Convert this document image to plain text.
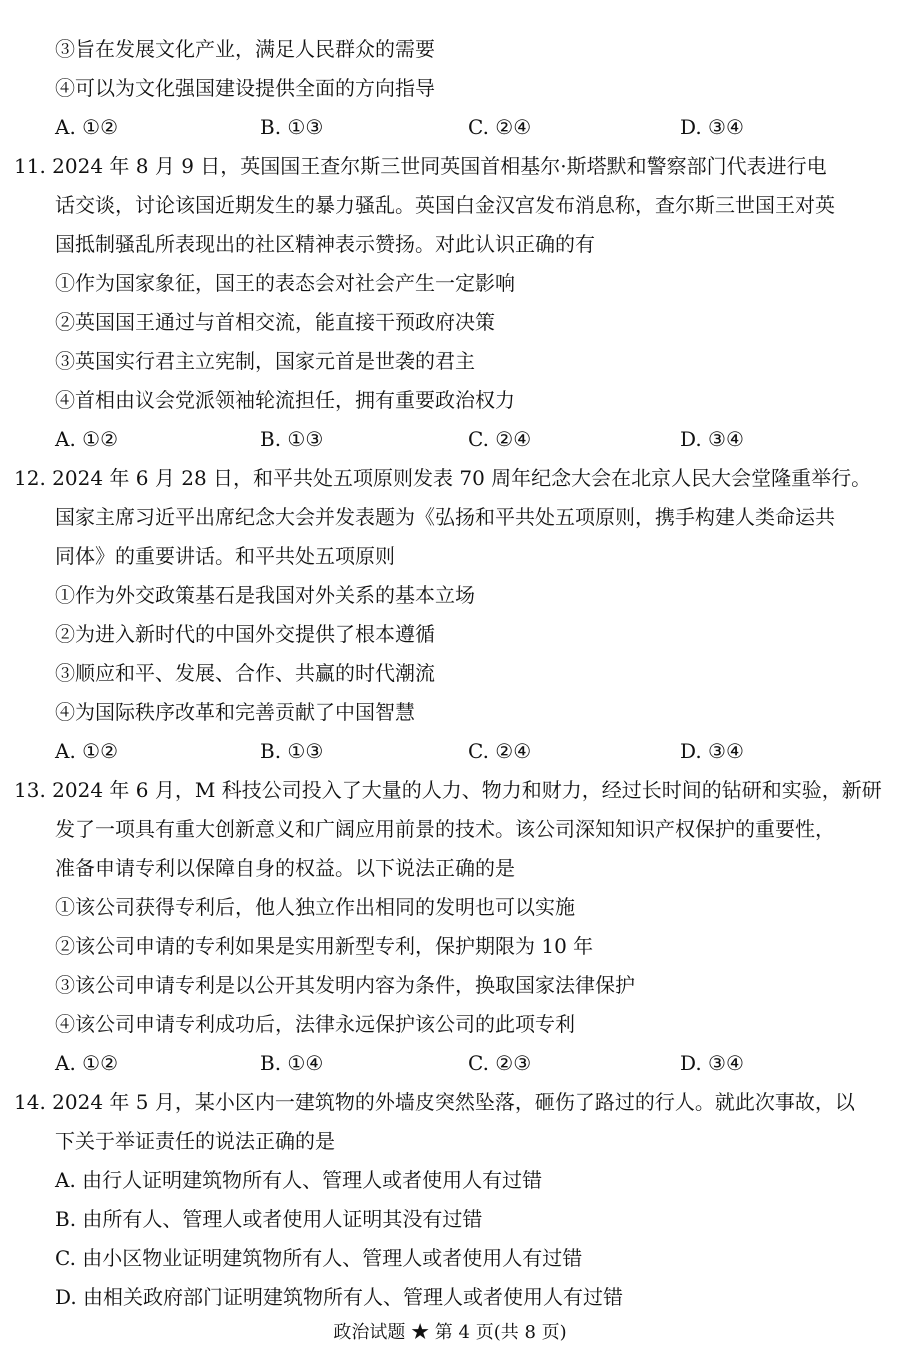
③旨在发展文化产业，满足人民群众的需要
④可以为文化强国建设提供全面的方向指导
A. ①②	B. ①③	C. ②④	D. ③④
11. 2024 年 8 月 9 日，英国国王查尔斯三世同英国首相基尔·斯塔默和警察部门代表进行电
话交谈，讨论该国近期发生的暴力骚乱。英国白金汉宫发布消息称，查尔斯三世国王对英
国抵制骚乱所表现出的社区精神表示赞扬。对此认识正确的有
①作为国家象征，国王的表态会对社会产生一定影响
②英国国王通过与首相交流，能直接干预政府决策
③英国实行君主立宪制，国家元首是世袭的君主
④首相由议会党派领袖轮流担任，拥有重要政治权力
A. ①②	B. ①③	C. ②④	D. ③④
12. 2024 年 6 月 28 日，和平共处五项原则发表 70 周年纪念大会在北京人民大会堂隆重举行。
国家主席习近平出席纪念大会并发表题为《弘扬和平共处五项原则，携手构建人类命运共
同体》的重要讲话。和平共处五项原则
①作为外交政策基石是我国对外关系的基本立场
②为进入新时代的中国外交提供了根本遵循
③顺应和平、发展、合作、共赢的时代潮流
④为国际秩序改革和完善贡献了中国智慧
A. ①②	B. ①③	C. ②④	D. ③④
13. 2024 年 6 月，M 科技公司投入了大量的人力、物力和财力，经过长时间的钻研和实验，新研
发了一项具有重大创新意义和广阔应用前景的技术。该公司深知知识产权保护的重要性，
准备申请专利以保障自身的权益。以下说法正确的是
①该公司获得专利后，他人独立作出相同的发明也可以实施
②该公司申请的专利如果是实用新型专利，保护期限为 10 年
③该公司申请专利是以公开其发明内容为条件，换取国家法律保护
④该公司申请专利成功后，法律永远保护该公司的此项专利
A. ①②	B. ①④	C. ②③	D. ③④
14. 2024 年 5 月，某小区内一建筑物的外墙皮突然坠落，砸伤了路过的行人。就此次事故，以
下关于举证责任的说法正确的是
A. 由行人证明建筑物所有人、管理人或者使用人有过错
B. 由所有人、管理人或者使用人证明其没有过错
C. 由小区物业证明建筑物所有人、管理人或者使用人有过错
D. 由相关政府部门证明建筑物所有人、管理人或者使用人有过错
政治试题 ★ 第 4 页(共 8 页)
